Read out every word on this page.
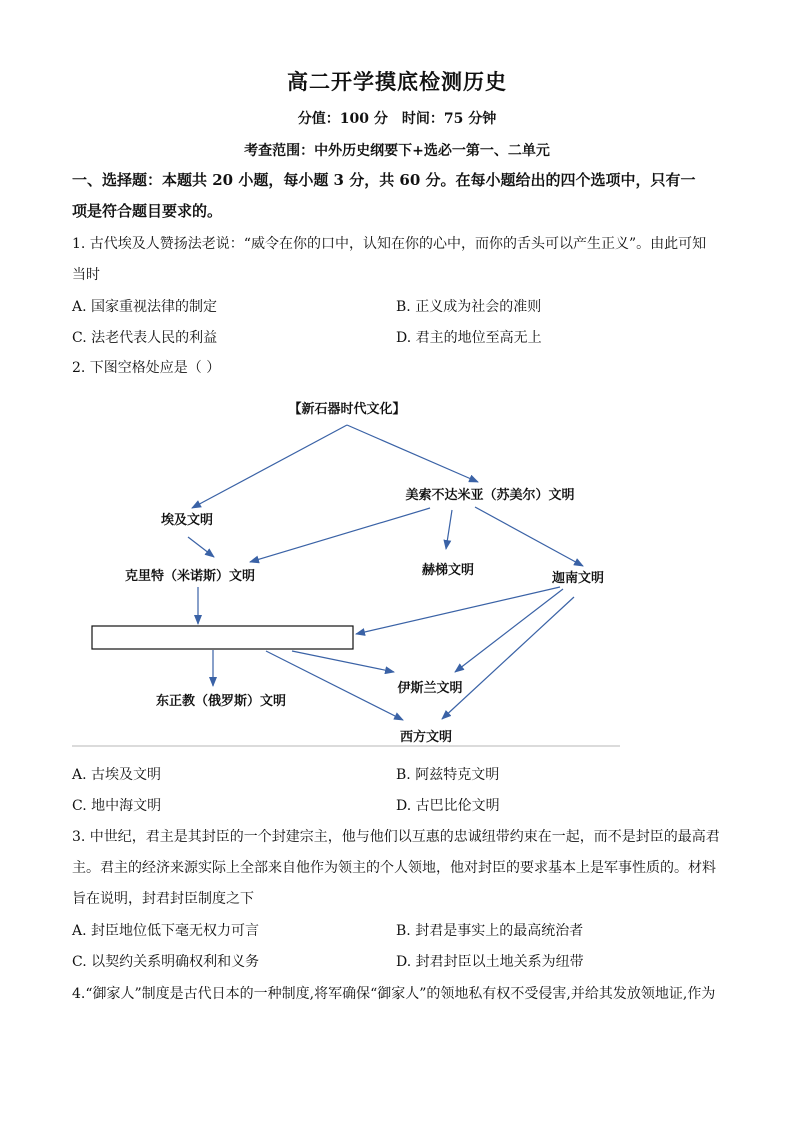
高二开学摸底检测历史
分值：100 分　时间：75 分钟
考查范围：中外历史纲要下+选必一第一、二单元
一、选择题：本题共 20 小题，每小题 3 分，共 60 分。在每小题给出的四个选项中，只有一
项是符合题目要求的。
1. 古代埃及人赞扬法老说：“威令在你的口中，认知在你的心中，而你的舌头可以产生正义”。由此可知
当时
A. 国家重视法律的制定	B. 正义成为社会的准则
C. 法老代表人民的利益	D. 君主的地位至高无上
2. 下图空格处应是（ ）
【新石器时代文化】
美索不达米亚（苏美尔）文明
埃及文明
克里特（米诺斯）文明	赫梯文明
迦南文明
东正教（俄罗斯）文明
伊斯兰文明
西方文明
A. 古埃及文明	B. 阿兹特克文明
C. 地中海文明	D. 古巴比伦文明
3. 中世纪，君主是其封臣的一个封建宗主，他与他们以互惠的忠诚纽带约束在一起，而不是封臣的最高君
主。君主的经济来源实际上全部来自他作为领主的个人领地，他对封臣的要求基本上是军事性质的。材料
旨在说明，封君封臣制度之下
A. 封臣地位低下毫无权力可言	B. 封君是事实上的最高统治者
C. 以契约关系明确权利和义务	D. 封君封臣以土地关系为纽带
4.“御家人”制度是古代日本的一种制度,将军确保“御家人”的领地私有权不受侵害,并给其发放领地证,作为
